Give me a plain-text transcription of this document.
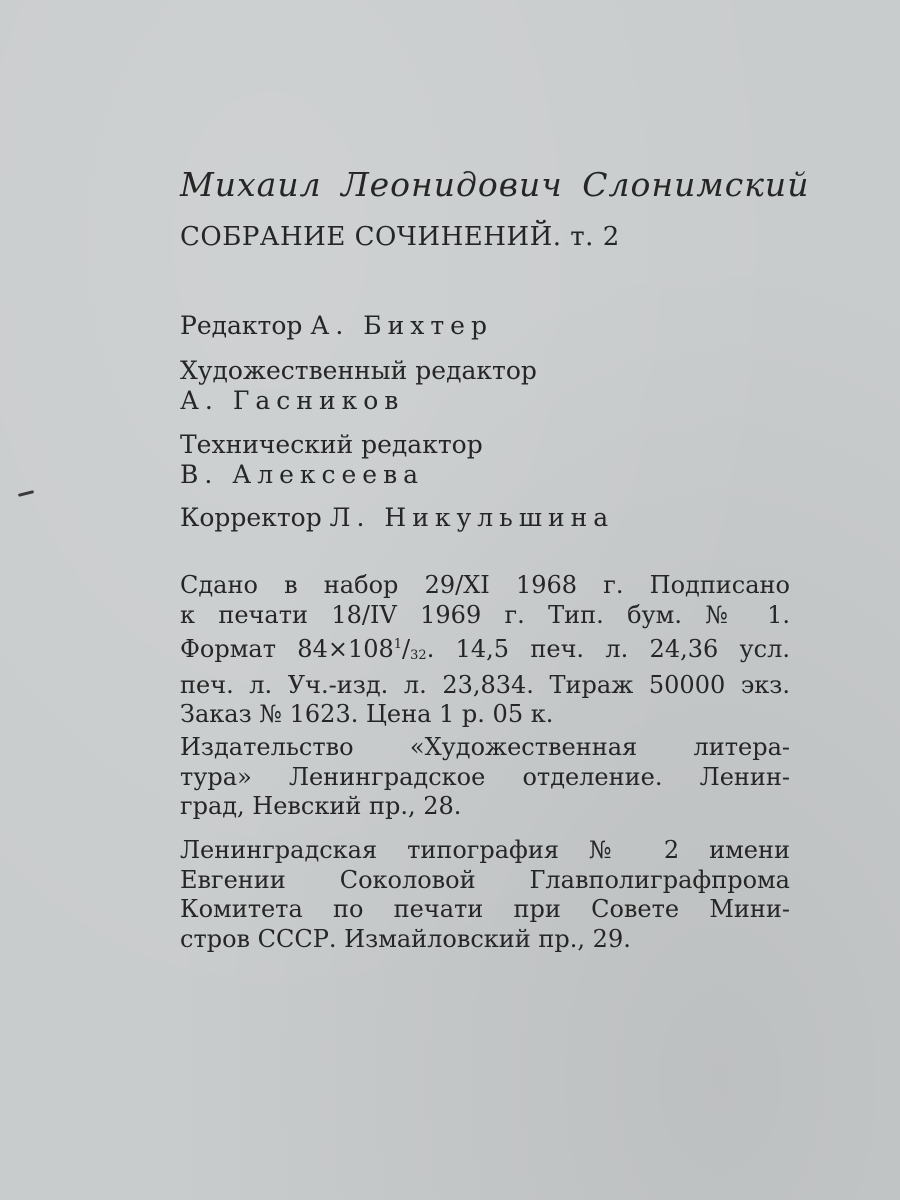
Михаил Леонидович Слонимский
СОБРАНИЕ СОЧИНЕНИЙ. т. 2
Редактор А. Бихтер
Художественный редактор
А. Гасников
Технический редактор
В. Алексеева
Корректор Л. Никульшина
Сдано в набор 29/XI 1968 г. Подписано
к печати 18/IV 1969 г. Тип. бум. № 1.
Формат $84\times 108^1/_{32}$. 14,5 печ. л. 24,36 усл.
печ. л. Уч.-изд. л. 23,834. Тираж 50000 экз.
Заказ № 1623. Цена 1 р. 05 к.
Издательство «Художественная литера-
тура» Ленинградское отделение. Ленин-
град, Невский пр., 28.
Ленинградская типография № 2 имени
Евгении Соколовой Главполиграфпрома
Комитета по печати при Совете Мини-
стров СССР. Измайловский пр., 29.
